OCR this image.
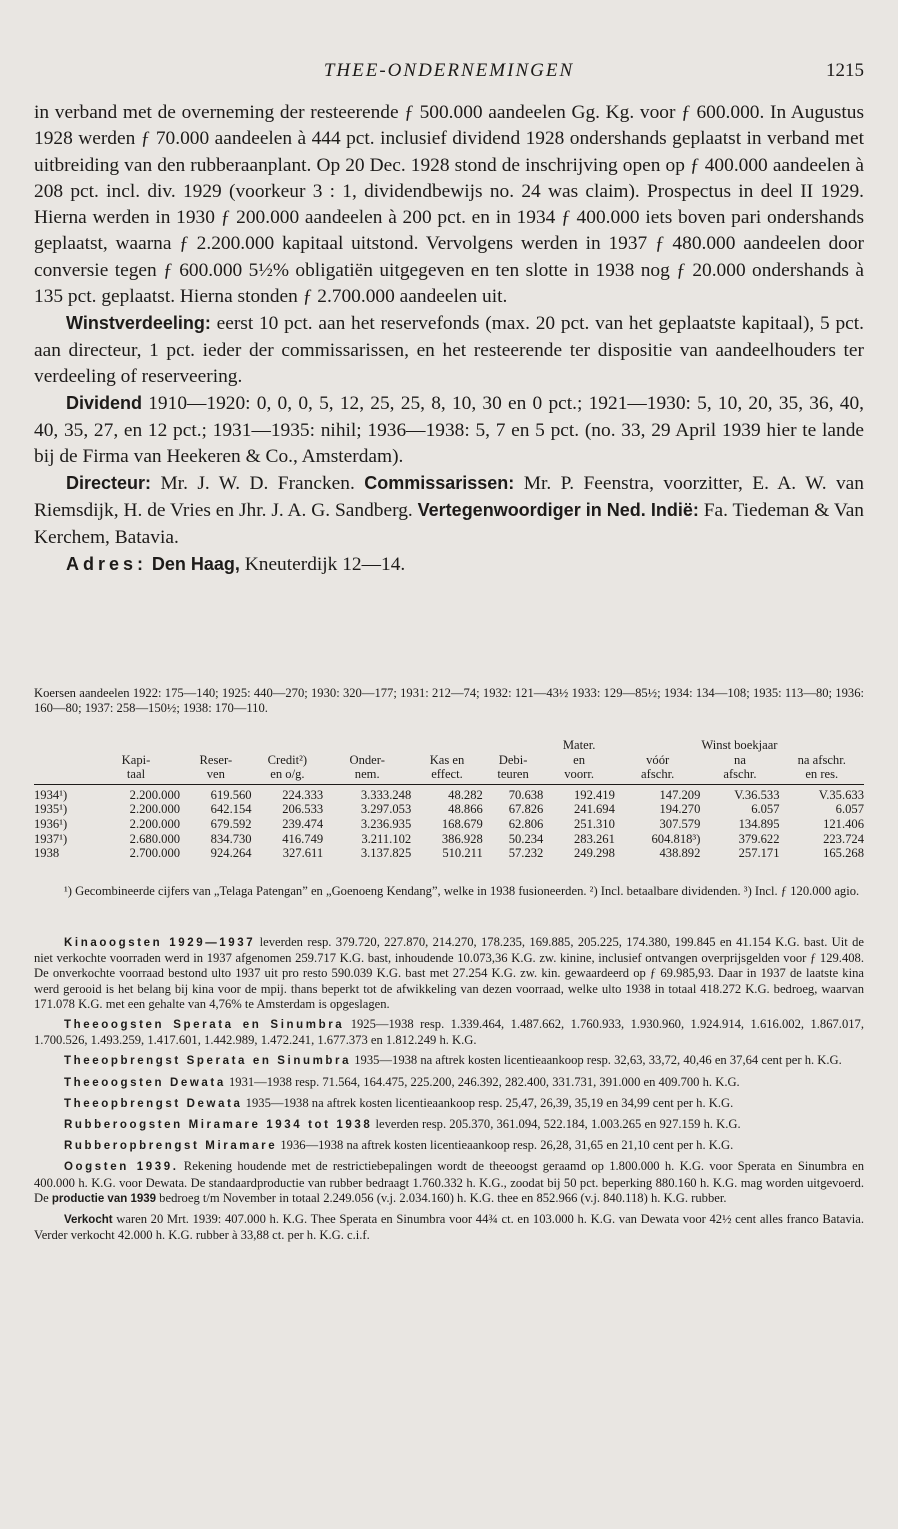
THEE-ONDERNEMINGEN	1215

in verband met de overneming der resteerende ƒ 500.000 aandeelen Gg. Kg. voor ƒ 600.000. In Augustus 1928 werden ƒ 70.000 aandeelen à 444 pct. inclusief dividend 1928 ondershands geplaatst in verband met uitbreiding van den rubberaanplant. Op 20 Dec. 1928 stond de inschrijving open op ƒ 400.000 aandeelen à 208 pct. incl. div. 1929 (voorkeur 3 : 1, dividendbewijs no. 24 was claim). Prospectus in deel II 1929. Hierna werden in 1930 ƒ 200.000 aandeelen à 200 pct. en in 1934 ƒ 400.000 iets boven pari ondershands geplaatst, waarna ƒ 2.200.000 kapitaal uitstond. Vervolgens werden in 1937 ƒ 480.000 aandeelen door conversie tegen ƒ 600.000 5½% obligatiën uitgegeven en ten slotte in 1938 nog ƒ 20.000 ondershands à 135 pct. geplaatst. Hierna stonden ƒ 2.700.000 aandeelen uit.

Winstverdeeling: eerst 10 pct. aan het reservefonds (max. 20 pct. van het geplaatste kapitaal), 5 pct. aan directeur, 1 pct. ieder der commissarissen, en het resteerende ter dispositie van aandeelhouders ter verdeeling of reserveering.

Dividend 1910—1920: 0, 0, 0, 5, 12, 25, 25, 8, 10, 30 en 0 pct.; 1921—1930: 5, 10, 20, 35, 36, 40, 40, 35, 27, en 12 pct.; 1931—1935: nihil; 1936—1938: 5, 7 en 5 pct. (no. 33, 29 April 1939 hier te lande bij de Firma van Heekeren & Co., Amsterdam).

Directeur: Mr. J. W. D. Francken. Commissarissen: Mr. P. Feenstra, voorzitter, E. A. W. van Riemsdijk, H. de Vries en Jhr. J. A. G. Sandberg. Vertegenwoordiger in Ned. Indië: Fa. Tiedeman & Van Kerchem, Batavia.

Adres: Den Haag, Kneuterdijk 12—14.

Koersen aandeelen 1922: 175—140; 1925: 440—270; 1930: 320—177; 1931: 212—74; 1932: 121—43½ 1933: 129—85½; 1934: 134—108; 1935: 113—80; 1936: 160—80; 1937: 258—150½; 1938: 170—110.

							Mater.	Winst boekjaar		
	Kapi-	Reser-	Credit²)	Onder-	Kas en	Debi-	en	vóór	na	na afschr.
	taal	ven	en o/g.	nem.	effect.	teuren	voorr.	afschr.	afschr.	en res.
1934¹)	2.200.000	619.560	224.333	3.333.248	48.282	70.638	192.419	147.209	V.36.533	V.35.633
1935¹)	2.200.000	642.154	206.533	3.297.053	48.866	67.826	241.694	194.270	6.057	6.057
1936¹)	2.200.000	679.592	239.474	3.236.935	168.679	62.806	251.310	307.579	134.895	121.406
1937¹)	2.680.000	834.730	416.749	3.211.102	386.928	50.234	283.261	604.818³)	379.622	223.724
1938	2.700.000	924.264	327.611	3.137.825	510.211	57.232	249.298	438.892	257.171	165.268

¹) Gecombineerde cijfers van „Telaga Patengan” en „Goenoeng Kendang”, welke in 1938 fusioneerden. ²) Incl. betaalbare dividenden. ³) Incl. ƒ 120.000 agio.

Kinaoogsten 1929—1937 leverden resp. 379.720, 227.870, 214.270, 178.235, 169.885, 205.225, 174.380, 199.845 en 41.154 K.G. bast. Uit de niet verkochte voorraden werd in 1937 afgenomen 259.717 K.G. bast, inhoudende 10.073,36 K.G. zw. kinine, inclusief ontvangen overprijsgelden voor ƒ 129.408. De onverkochte voorraad bestond ulto 1937 uit pro resto 590.039 K.G. bast met 27.254 K.G. zw. kin. gewaardeerd op ƒ 69.985,93. Daar in 1937 de laatste kina werd gerooid is het belang bij kina voor de mpij. thans beperkt tot de afwikkeling van dezen voorraad, welke ulto 1938 in totaal 418.272 K.G. bedroeg, waarvan 171.078 K.G. met een gehalte van 4,76% te Amsterdam is opgeslagen.

Theeoogsten Sperata en Sinumbra 1925—1938 resp. 1.339.464, 1.487.662, 1.760.933, 1.930.960, 1.924.914, 1.616.002, 1.867.017, 1.700.526, 1.493.259, 1.417.601, 1.442.989, 1.472.241, 1.677.373 en 1.812.249 h. K.G.

Theeopbrengst Sperata en Sinumbra 1935—1938 na aftrek kosten licentieaankoop resp. 32,63, 33,72, 40,46 en 37,64 cent per h. K.G.

Theeoogsten Dewata 1931—1938 resp. 71.564, 164.475, 225.200, 246.392, 282.400, 331.731, 391.000 en 409.700 h. K.G.

Theeopbrengst Dewata 1935—1938 na aftrek kosten licentieaankoop resp. 25,47, 26,39, 35,19 en 34,99 cent per h. K.G.

Rubberoogsten Miramare 1934 tot 1938 leverden resp. 205.370, 361.094, 522.184, 1.003.265 en 927.159 h. K.G.

Rubberopbrengst Miramare 1936—1938 na aftrek kosten licentieaankoop resp. 26,28, 31,65 en 21,10 cent per h. K.G.

Oogsten 1939. Rekening houdende met de restrictiebepalingen wordt de theeoogst geraamd op 1.800.000 h. K.G. voor Sperata en Sinumbra en 400.000 h. K.G. voor Dewata. De standaardproductie van rubber bedraagt 1.760.332 h. K.G., zoodat bij 50 pct. beperking 880.160 h. K.G. mag worden uitgevoerd. De productie van 1939 bedroeg t/m November in totaal 2.249.056 (v.j. 2.034.160) h. K.G. thee en 852.966 (v.j. 840.118) h. K.G. rubber.

Verkocht waren 20 Mrt. 1939: 407.000 h. K.G. Thee Sperata en Sinumbra voor 44¾ ct. en 103.000 h. K.G. van Dewata voor 42½ cent alles franco Batavia. Verder verkocht 42.000 h. K.G. rubber à 33,88 ct. per h. K.G. c.i.f.
